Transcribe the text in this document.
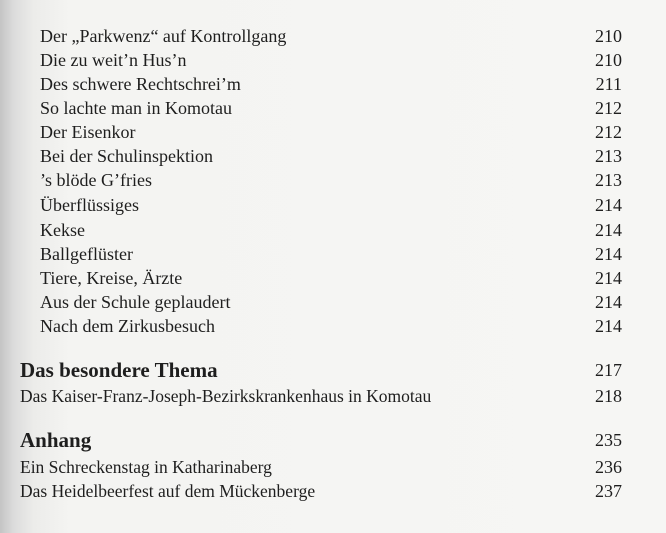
Der „Parkwenz“ auf Kontrollgang	210
Die zu weit’n Hus’n	210
Des schwere Rechtschrei’m	211
So lachte man in Komotau	212
Der Eisenkor	212
Bei der Schulinspektion	213
’s blöde G’fries	213
Überflüssiges	214
Kekse	214
Ballgeflüster	214
Tiere, Kreise, Ärzte	214
Aus der Schule geplaudert	214
Nach dem Zirkusbesuch	214
Das besondere Thema	217
Das Kaiser-Franz-Joseph-Bezirkskrankenhaus in Komotau	218
Anhang	235
Ein Schreckenstag in Katharinaberg	236
Das Heidelbeerfest auf dem Mückenberge	237
